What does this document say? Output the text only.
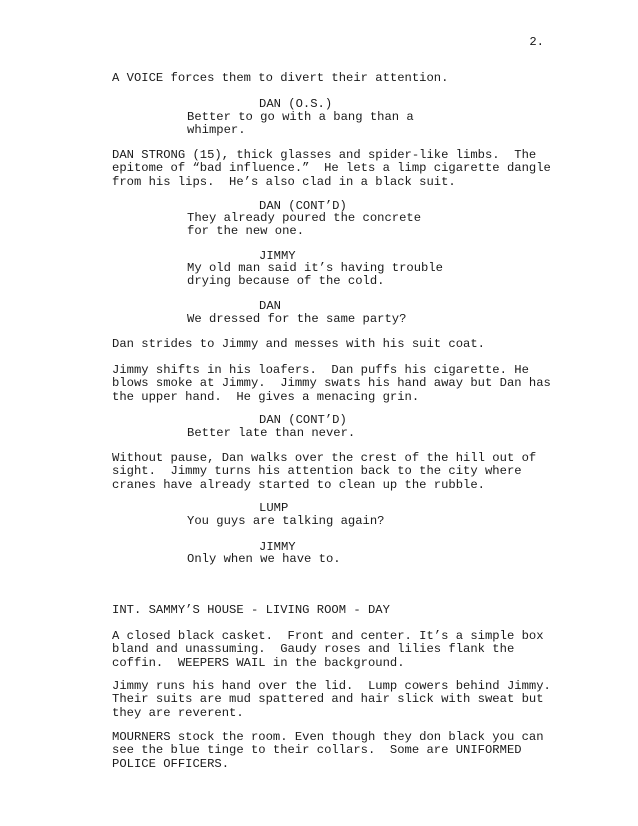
2.
A VOICE forces them to divert their attention.
DAN (O.S.)
Better to go with a bang than a
whimper.
DAN STRONG (15), thick glasses and spider-like limbs.  The
epitome of “bad influence.”  He lets a limp cigarette dangle
from his lips.  He’s also clad in a black suit.
DAN (CONT’D)
They already poured the concrete
for the new one.
JIMMY
My old man said it’s having trouble
drying because of the cold.
DAN
We dressed for the same party?
Dan strides to Jimmy and messes with his suit coat.
Jimmy shifts in his loafers.  Dan puffs his cigarette. He
blows smoke at Jimmy.  Jimmy swats his hand away but Dan has
the upper hand.  He gives a menacing grin.
DAN (CONT’D)
Better late than never.
Without pause, Dan walks over the crest of the hill out of
sight.  Jimmy turns his attention back to the city where
cranes have already started to clean up the rubble.
LUMP
You guys are talking again?
JIMMY
Only when we have to.
INT. SAMMY’S HOUSE - LIVING ROOM - DAY
A closed black casket.  Front and center. It’s a simple box
bland and unassuming.  Gaudy roses and lilies flank the
coffin.  WEEPERS WAIL in the background.
Jimmy runs his hand over the lid.  Lump cowers behind Jimmy.
Their suits are mud spattered and hair slick with sweat but
they are reverent.
MOURNERS stock the room. Even though they don black you can
see the blue tinge to their collars.  Some are UNIFORMED
POLICE OFFICERS.
